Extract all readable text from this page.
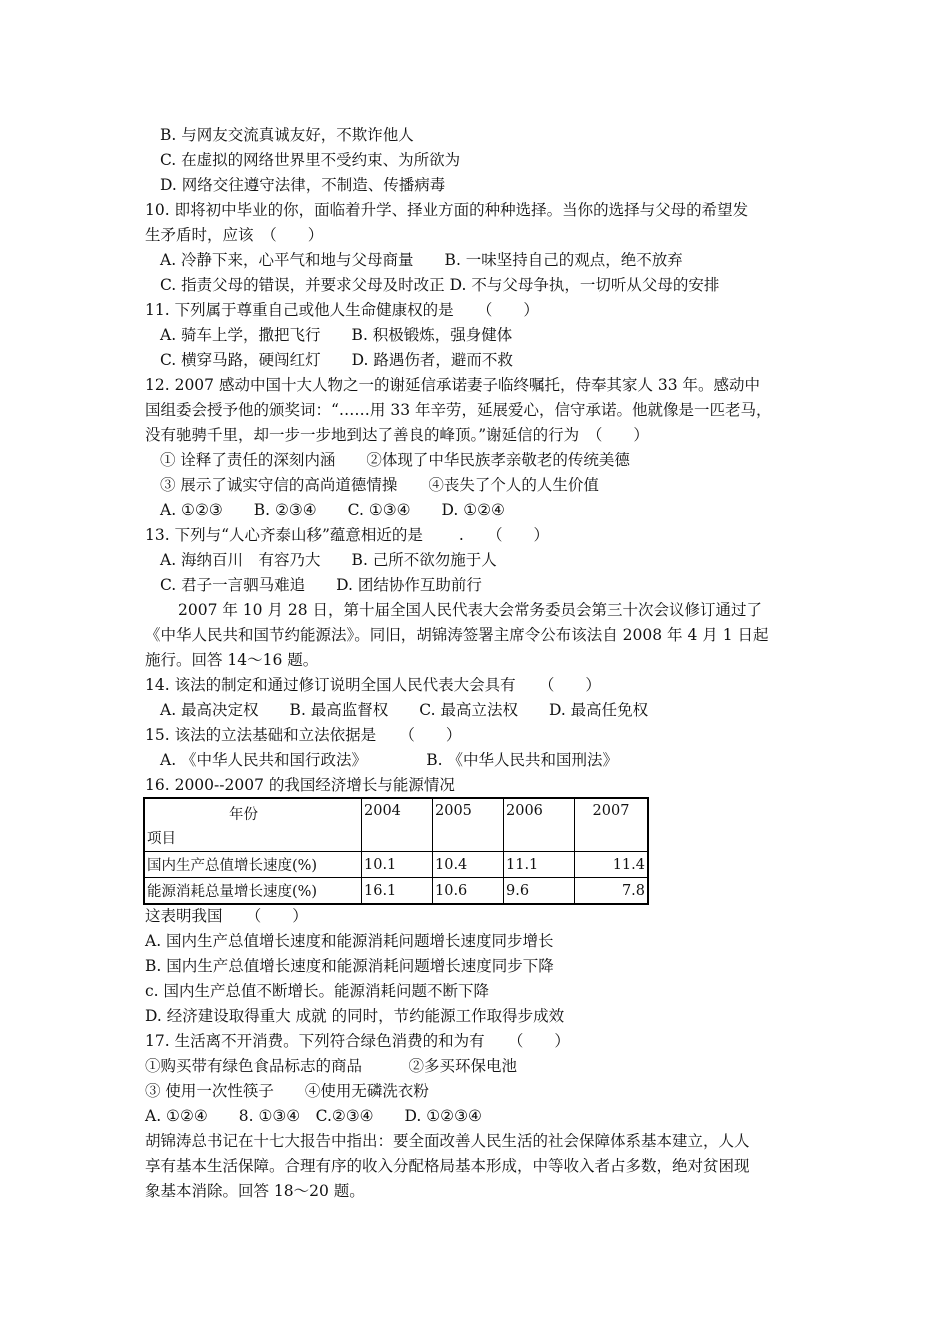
B. 与网友交流真诚友好，不欺诈他人
C. 在虚拟的网络世界里不受约束、为所欲为
D. 网络交往遵守法律，不制造、传播病毒
10. 即将初中毕业的你，面临着升学、择业方面的种种选择。当你的选择与父母的希望发
生矛盾时，应该　（　　）
A. 冷静下来，心平气和地与父母商量　　B. 一味坚持自己的观点，绝不放弃
C. 指责父母的错误，并要求父母及时改正 D. 不与父母争执，一切听从父母的安排
11. 下列属于尊重自己或他人生命健康权的是　　（　　）
A. 骑车上学，撒把飞行　　B. 积极锻炼，强身健体
C. 横穿马路，硬闯红灯　　D. 路遇伤者，避而不救
12. 2007 感动中国十大人物之一的谢延信承诺妻子临终嘱托，侍奉其家人 33 年。感动中
国组委会授予他的颁奖词：“……用 33 年辛劳，延展爱心，信守承诺。他就像是一匹老马，
没有驰骋千里，却一步一步地到达了善良的峰顶。”谢延信的行为　（　　）
① 诠释了责任的深刻内涵　　②体现了中华民族孝亲敬老的传统美德
③ 展示了诚实守信的高尚道德情操　　④丧失了个人的人生价值
A. ①②③　　B. ②③④　　C. ①③④　　D. ①②④
13. 下列与“人心齐泰山移”蕴意相近的是　　 .　　（　　）
A. 海纳百川　有容乃大　　B. 己所不欲勿施于人
C. 君子一言驷马难追　　D. 团结协作互助前行
2007 年 10 月 28 日，第十届全国人民代表大会常务委员会第三十次会议修订通过了
《中华人民共和国节约能源法》。同旧，胡锦涛签署主席令公布该法自 2008 年 4 月 1 日起
施行。回答 14～16 题。
14. 该法的制定和通过修订说明全国人民代表大会具有　　（　　）
A. 最高决定权　　B. 最高监督权　　C. 最高立法权　　D. 最高任免权
15. 该法的立法基础和立法依据是　　（　　）
A. 《中华人民共和国行政法》　　　　 B. 《中华人民共和国刑法》
16. 2000--2007 的我国经济增长与能源情况
年份
项目	2004	2005	2006	2007
国内生产总值增长速度(%)	10.1	10.4	11.1	11.4
能源消耗总量增长速度(%)	16.1	10.6	9.6	7.8
这表明我国　　（　　）
A. 国内生产总值增长速度和能源消耗问题增长速度同步增长
B. 国内生产总值增长速度和能源消耗问题增长速度同步下降
c. 国内生产总值不断增长。能源消耗问题不断下降
D. 经济建设取得重大 成就 的同时，节约能源工作取得步成效
17. 生活离不开消费。下列符合绿色消费的和为有　　（　　）
①购买带有绿色食品标志的商品　　　②多买环保电池
③ 使用一次性筷子　　④使用无磷洗衣粉
A. ①②④　　8. ①③④　C.②③④　　D. ①②③④
胡锦涛总书记在十七大报告中指出：要全面改善人民生活的社会保障体系基本建立，人人
享有基本生活保障。合理有序的收入分配格局基本形成，中等收入者占多数，绝对贫困现
象基本消除。回答 18～20 题。
